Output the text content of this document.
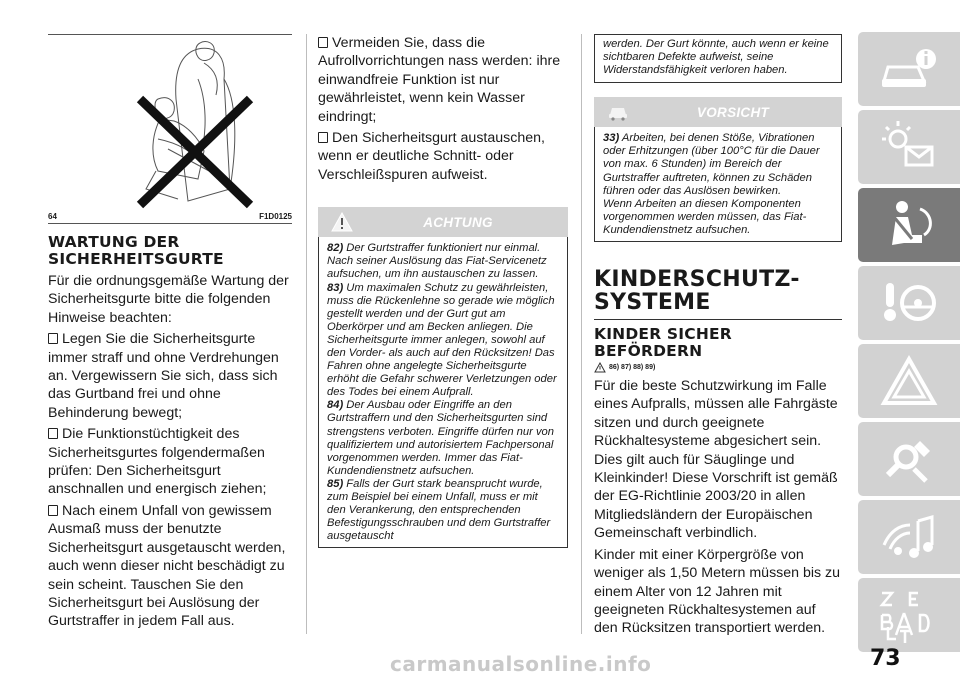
64	F1D0125
WARTUNG DER SICHERHEITSGURTE
Für die ordnungsgemäße Wartung der Sicherheitsgurte bitte die folgenden Hinweise beachten:
Legen Sie die Sicherheitsgurte immer straff und ohne Verdrehungen an. Vergewissern Sie sich, dass sich das Gurtband frei und ohne Behinderung bewegt;
Die Funktionstüchtigkeit des Sicherheitsgurtes folgendermaßen prüfen: Den Sicherheitsgurt anschnallen und energisch ziehen;
Nach einem Unfall von gewissem Ausmaß muss der benutzte Sicherheitsgurt ausgetauscht werden, auch wenn dieser nicht beschädigt zu sein scheint. Tauschen Sie den Sicherheitsgurt bei Auslösung der Gurtstraffer in jedem Fall aus.
Vermeiden Sie, dass die Aufrollvorrichtungen nass werden: ihre einwandfreie Funktion ist nur gewährleistet, wenn kein Wasser eindringt;
Den Sicherheitsgurt austauschen, wenn er deutliche Schnitt- oder Verschleißspuren aufweist.
ACHTUNG
82) Der Gurtstraffer funktioniert nur einmal. Nach seiner Auslösung das Fiat-Servicenetz aufsuchen, um ihn austauschen zu lassen.
83) Um maximalen Schutz zu gewährleisten, muss die Rückenlehne so gerade wie möglich gestellt werden und der Gurt gut am Oberkörper und am Becken anliegen. Die Sicherheitsgurte immer anlegen, sowohl auf den Vorder- als auch auf den Rücksitzen! Das Fahren ohne angelegte Sicherheitsgurte erhöht die Gefahr schwerer Verletzungen oder des Todes bei einem Aufprall.
84) Der Ausbau oder Eingriffe an den Gurtstraffern und den Sicherheitsgurten sind strengstens verboten. Eingriffe dürfen nur von qualifiziertem und autorisiertem Fachpersonal vorgenommen werden. Immer das Fiat-Kundendienstnetz aufsuchen.
85) Falls der Gurt stark beansprucht wurde, zum Beispiel bei einem Unfall, muss er mit den Verankerung, den entsprechenden Befestigungsschrauben und dem Gurtstraffer ausgetauscht
werden. Der Gurt könnte, auch wenn er keine sichtbaren Defekte aufweist, seine Widerstandsfähigkeit verloren haben.
VORSICHT
33) Arbeiten, bei denen Stöße, Vibrationen oder Erhitzungen (über 100°C für die Dauer von max. 6 Stunden) im Bereich der Gurtstraffer auftreten, können zu Schäden führen oder das Auslösen bewirken.
Wenn Arbeiten an diesen Komponenten vorgenommen werden müssen, das Fiat-Kundendienstnetz aufsuchen.
KINDERSCHUTZ-SYSTEME
KINDER SICHER BEFÖRDERN
86) 87) 88) 89)
Für die beste Schutzwirkung im Falle eines Aufpralls, müssen alle Fahrgäste sitzen und durch geeignete Rückhaltesysteme abgesichert sein. Dies gilt auch für Säuglinge und Kleinkinder! Diese Vorschrift ist gemäß der EG-Richtlinie 2003/20 in allen Mitgliedsländern der Europäischen Gemeinschaft verbindlich.
Kinder mit einer Körpergröße von weniger als 1,50 Metern müssen bis zu einem Alter von 12 Jahren mit geeigneten Rückhaltesystemen auf den Rücksitzen transportiert werden.
73
carmanualsonline.info
